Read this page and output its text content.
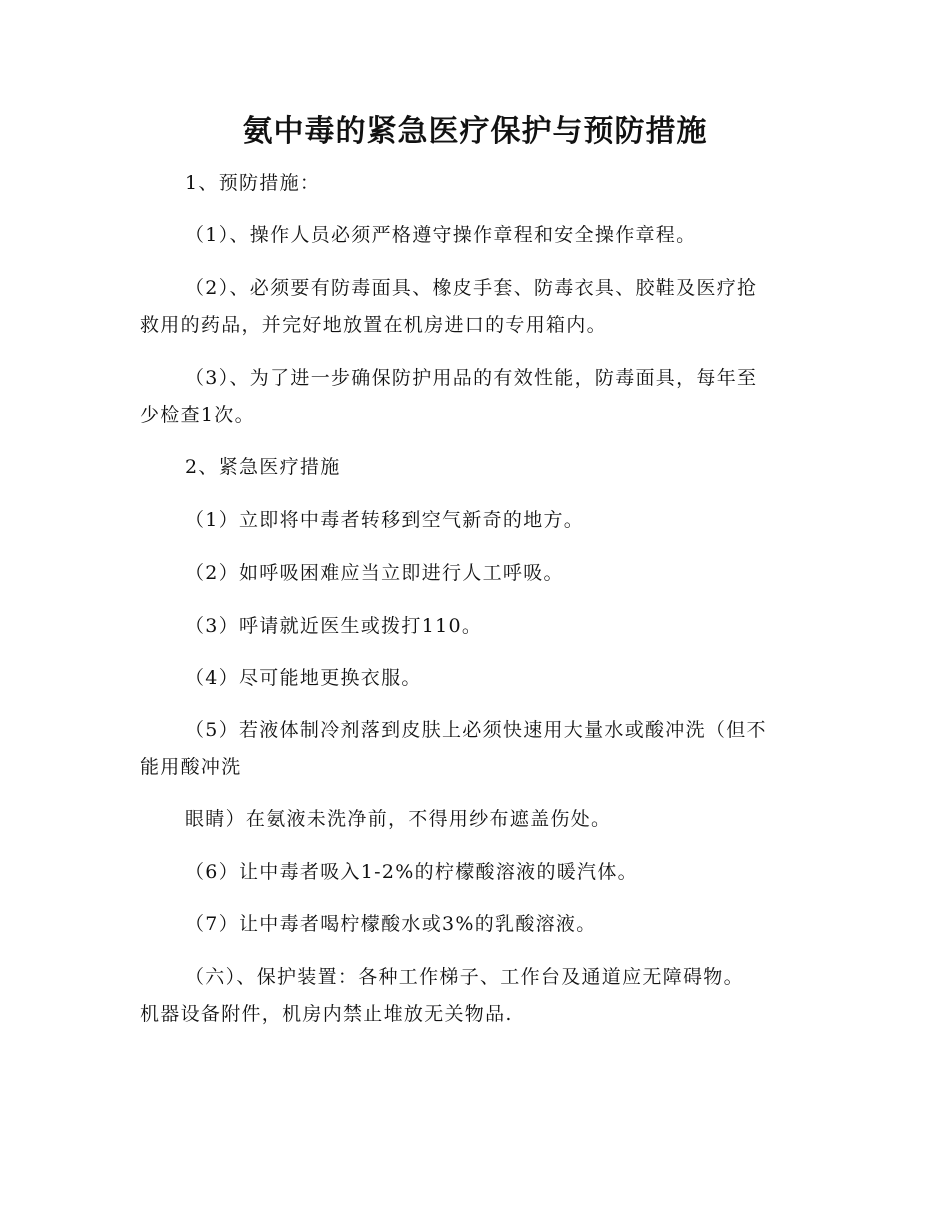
氨中毒的紧急医疗保护与预防措施
1、预防措施：
（1）、操作人员必须严格遵守操作章程和安全操作章程。
（2）、必须要有防毒面具、橡皮手套、防毒衣具、胶鞋及医疗抢
救用的药品，并完好地放置在机房进口的专用箱内。
（3）、为了进一步确保防护用品的有效性能，防毒面具，每年至
少检查1次。
2、紧急医疗措施
（1）立即将中毒者转移到空气新奇的地方。
（2）如呼吸困难应当立即进行人工呼吸。
（3）呼请就近医生或拨打110。
（4）尽可能地更换衣服。
（5）若液体制冷剂落到皮肤上必须快速用大量水或酸冲洗（但不
能用酸冲洗
眼睛）在氨液未洗净前，不得用纱布遮盖伤处。
（6）让中毒者吸入1-2%的柠檬酸溶液的暖汽体。
（7）让中毒者喝柠檬酸水或3%的乳酸溶液。
（六）、保护装置：各种工作梯子、工作台及通道应无障碍物。
机器设备附件，机房内禁止堆放无关物品.
